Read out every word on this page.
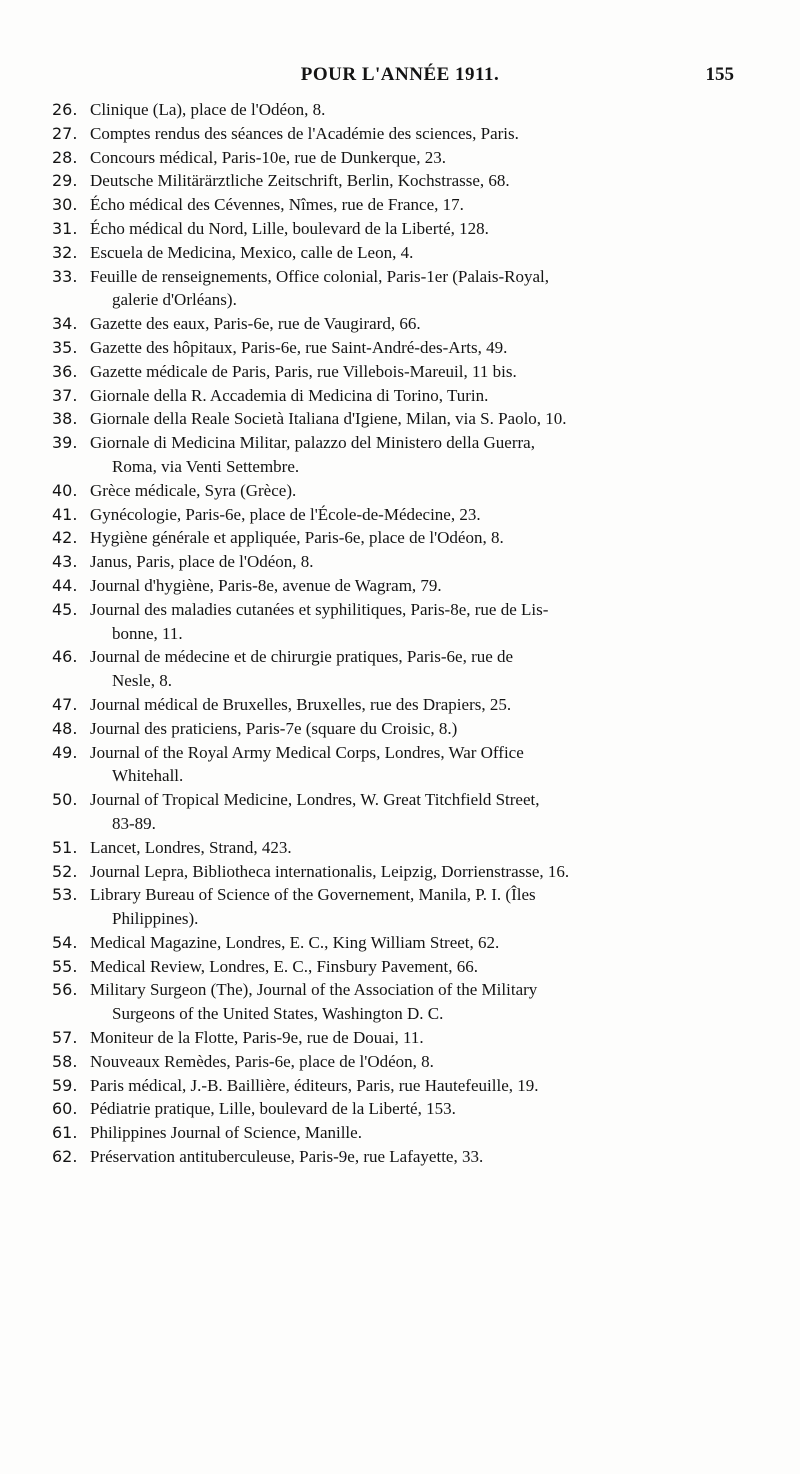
POUR L'ANNÉE 1911.	155
26. Clinique (La), place de l'Odéon, 8.
27. Comptes rendus des séances de l'Académie des sciences, Paris.
28. Concours médical, Paris-10e, rue de Dunkerque, 23.
29. Deutsche Militärärztliche Zeitschrift, Berlin, Kochstrasse, 68.
30. Écho médical des Cévennes, Nîmes, rue de France, 17.
31. Écho médical du Nord, Lille, boulevard de la Liberté, 128.
32. Escuela de Medicina, Mexico, calle de Leon, 4.
33. Feuille de renseignements, Office colonial, Paris-1er (Palais-Royal,
galerie d'Orléans).
34. Gazette des eaux, Paris-6e, rue de Vaugirard, 66.
35. Gazette des hôpitaux, Paris-6e, rue Saint-André-des-Arts, 49.
36. Gazette médicale de Paris, Paris, rue Villebois-Mareuil, 11 bis.
37. Giornale della R. Accademia di Medicina di Torino, Turin.
38. Giornale della Reale Società Italiana d'Igiene, Milan, via S. Paolo, 10.
39. Giornale di Medicina Militar, palazzo del Ministero della Guerra,
Roma, via Venti Settembre.
40. Grèce médicale, Syra (Grèce).
41. Gynécologie, Paris-6e, place de l'École-de-Médecine, 23.
42. Hygiène générale et appliquée, Paris-6e, place de l'Odéon, 8.
43. Janus, Paris, place de l'Odéon, 8.
44. Journal d'hygiène, Paris-8e, avenue de Wagram, 79.
45. Journal des maladies cutanées et syphilitiques, Paris-8e, rue de Lis-
bonne, 11.
46. Journal de médecine et de chirurgie pratiques, Paris-6e, rue de
Nesle, 8.
47. Journal médical de Bruxelles, Bruxelles, rue des Drapiers, 25.
48. Journal des praticiens, Paris-7e (square du Croisic, 8.)
49. Journal of the Royal Army Medical Corps, Londres, War Office
Whitehall.
50. Journal of Tropical Medicine, Londres, W. Great Titchfield Street,
83-89.
51. Lancet, Londres, Strand, 423.
52. Journal Lepra, Bibliotheca internationalis, Leipzig, Dorrienstrasse, 16.
53. Library Bureau of Science of the Governement, Manila, P. I. (Îles
Philippines).
54. Medical Magazine, Londres, E. C., King William Street, 62.
55. Medical Review, Londres, E. C., Finsbury Pavement, 66.
56. Military Surgeon (The), Journal of the Association of the Military
Surgeons of the United States, Washington D. C.
57. Moniteur de la Flotte, Paris-9e, rue de Douai, 11.
58. Nouveaux Remèdes, Paris-6e, place de l'Odéon, 8.
59. Paris médical, J.-B. Baillière, éditeurs, Paris, rue Hautefeuille, 19.
60. Pédiatrie pratique, Lille, boulevard de la Liberté, 153.
61. Philippines Journal of Science, Manille.
62. Préservation antituberculeuse, Paris-9e, rue Lafayette, 33.
